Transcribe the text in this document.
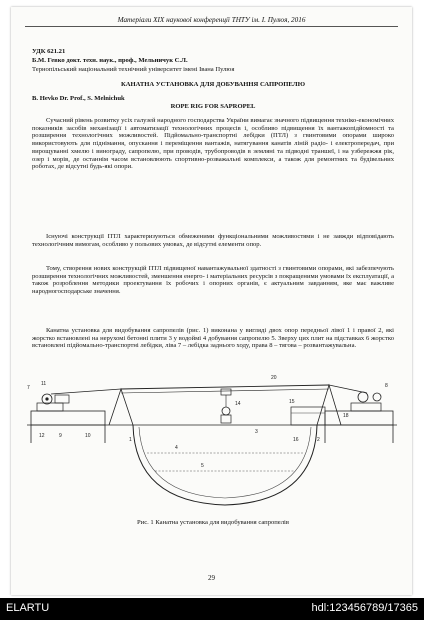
Матеріали XIX наукової конференції ТНТУ ім. І. Пулюя, 2016
УДК 621.21
Б.М. Гевко докт. техн. наук., проф., Мельничук С.Л.
Тернопільський національний технічний університет імені Івана Пулюя
КАНАТНА УСТАНОВКА ДЛЯ ДОБУВАННЯ САПРОПЕЛЮ
B. Hevko Dr. Prof., S. Melnichuk
ROPE RIG FOR SAPROPEL
Сучасний рівень розвитку усіх галузей народного господарства України вимагає значного підвищення техніко-економічних показників засобів механізації і автоматизації технологічних процесів і, особливо підвищення їх вантажопідйомності та розширення технологічних можливостей. Підйомально-транспортні лебідки (ПТЛ) з гвинтовими опорами широко використовують для піднімання, опускання і переміщення вантажів, натягування канатів ліній радіо- і електропередач, при вирощуванні хмелю і винограду, сапропелю, при проводів, трубопроводів в земляні та підводні траншеї, і на узбережжя рік, озер і морів, де останнім часом встановлюють спортивно-розважальні комплекси, а також для ремонтних та будівельних роботах, де відсутні будь-які опори.
Існуючі конструкції ПТЛ характеризуються обмеженими функціональними можливостями і не завжди відповідають технологічним вимогам, особливо у польових умовах, де відсутні елементи опор.
Тому, створення нових конструкцій ПТЛ підвищеної навантажувальної здатності з гвинтовими опорами, які забезпечують розширення технологічних можливостей, зменшення енерго- і матеріальних ресурсів з покращеними умовами їх експлуатації, а також розроблення методики проектування їх робочих і опорних органів, є актуальним завданням, яке має важливе народногосподарське значення.
Канатна установка для видобування сапропелів (рис. 1) виконана у вигляді двох опор передньої лівої 1 і правої 2, які жорстко встановлені на нерухомі бетонні плити 3 у водоймі 4 добування сапропелю 5. Зверху цих плит на підставках 6 жорстко встановлені підйомально-транспортні лебідки, ліва 7 – лебідка заднього ходу, права 8 – тягова – розвантажувальна.
7
11
9
12	10
8
20
14	15
1
4
5
3
2
18
16
Рис. 1 Канатна установка для видобування сапропелів
29
ELARTU	hdl:123456789/17365
